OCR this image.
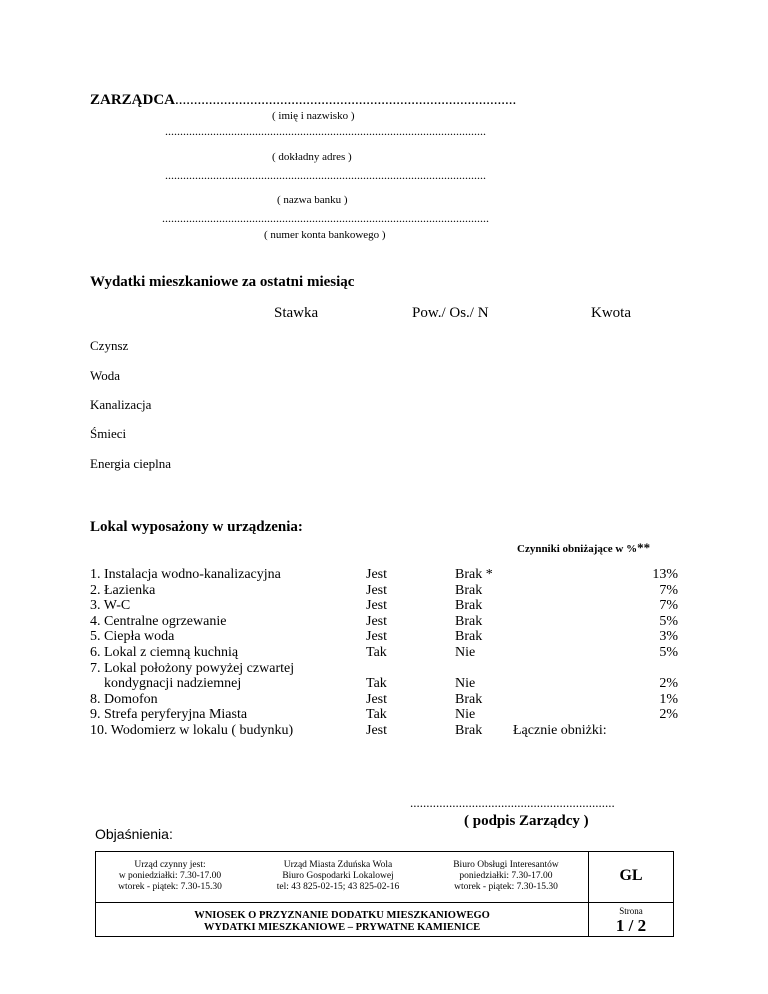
ZARZĄDCA...........................................................................................
( imię i nazwisko )
...........................................................................................................
( dokładny adres )
...........................................................................................................
( nazwa banku )
.............................................................................................................
( numer konta bankowego )
Wydatki mieszkaniowe za ostatni miesiąc
Stawka	Pow./ Os./ N	Kwota
Czynsz
Woda
Kanalizacja
Śmieci
Energia cieplna
Lokal wyposażony w urządzenia:
Czynniki obniżające w %**
1. Instalacja wodno-kanalizacyjna
2. Łazienka
3. W-C
4. Centralne ogrzewanie
5. Ciepła woda
6. Lokal z ciemną kuchnią
7. Lokal położony powyżej czwartej
kondygnacji nadziemnej
8. Domofon
9. Strefa peryferyjna Miasta
10. Wodomierz w lokalu ( budynku)
Jest
Jest
Jest
Jest
Jest
Tak
Tak
Jest
Tak
Jest
Brak *
Brak
Brak
Brak
Brak
Nie
Nie
Brak
Nie
Brak
13%
7%
7%
5%
3%
5%
2%
1%
2%
Łącznie obniżki:
...............................................................
( podpis Zarządcy )
Objaśnienia:
Urząd czynny jest:
w poniedziałki: 7.30-17.00
wtorek - piątek: 7.30-15.30
Urząd Miasta Zduńska Wola
Biuro Gospodarki Lokalowej
tel: 43 825-02-15; 43 825-02-16
Biuro Obsługi Interesantów
poniedziałki: 7.30-17.00
wtorek - piątek: 7.30-15.30
GL
WNIOSEK O PRZYZNANIE DODATKU MIESZKANIOWEGO
WYDATKI MIESZKANIOWE – PRYWATNE KAMIENICE
Strona
1 / 2
